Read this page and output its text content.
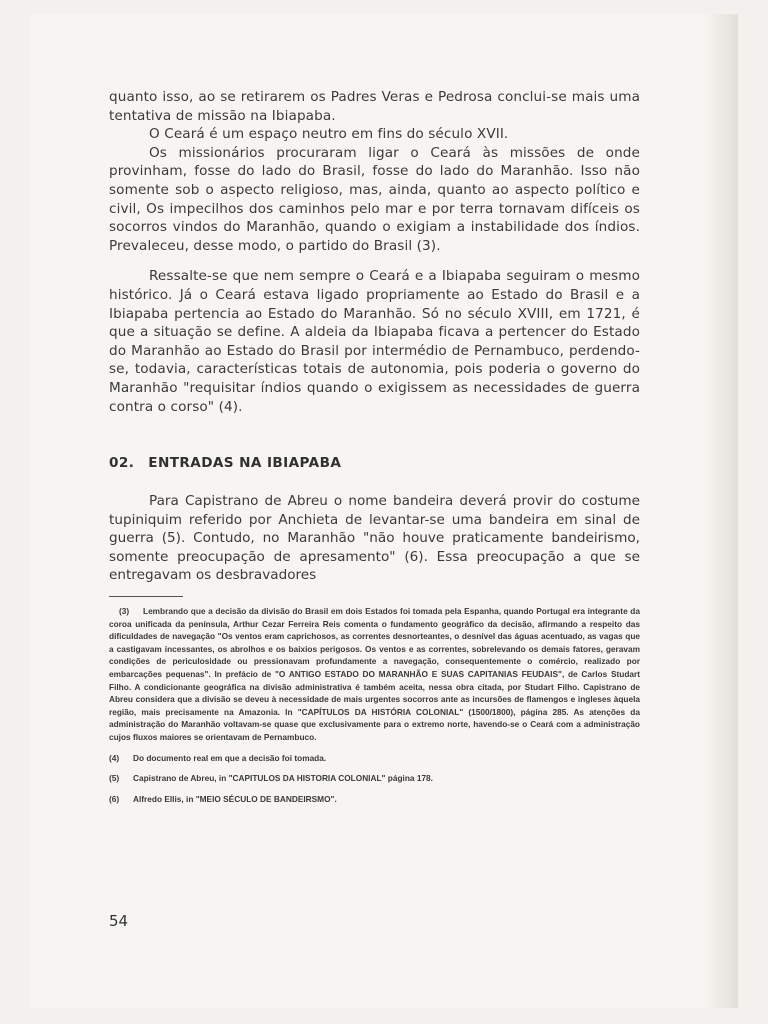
quanto isso, ao se retirarem os Padres Veras e Pedrosa conclui-se mais uma tentativa de missão na Ibiapaba.

O Ceará é um espaço neutro em fins do século XVII.

Os missionários procuraram ligar o Ceará às missões de onde provinham, fosse do lado do Brasil, fosse do lado do Maranhão. Isso não somente sob o aspecto religioso, mas, ainda, quanto ao aspecto político e civil, Os impecilhos dos caminhos pelo mar e por terra tornavam difíceis os socorros vindos do Maranhão, quando o exigiam a instabilidade dos índios. Prevaleceu, desse modo, o partido do Brasil (3).

Ressalte-se que nem sempre o Ceará e a Ibiapaba seguiram o mesmo histórico. Já o Ceará estava ligado propriamente ao Estado do Brasil e a Ibiapaba pertencia ao Estado do Maranhão. Só no século XVIII, em 1721, é que a situação se define. A aldeia da Ibiapaba ficava a pertencer do Estado do Maranhão ao Estado do Brasil por intermédio de Pernambuco, perdendo-se, todavia, características totais de autonomia, pois poderia o governo do Maranhão "requisitar índios quando o exigissem as necessidades de guerra contra o corso" (4).

02. ENTRADAS NA IBIAPABA
Para Capistrano de Abreu o nome bandeira deverá provir do costume tupiniquim referido por Anchieta de levantar-se uma bandeira em sinal de guerra (5). Contudo, no Maranhão "não houve praticamente bandeirismo, somente preocupação de apresamento" (6). Essa preocupação a que se entregavam os desbravadores

(3) Lembrando que a decisão da divisão do Brasil em dois Estados foi tomada pela Espanha, quando Portugal era integrante da coroa unificada da península, Arthur Cezar Ferreira Reis comenta o fundamento geográfico da decisão, afirmando a respeito das dificuldades de navegação "Os ventos eram caprichosos, as correntes desnorteantes, o desnível das águas acentuado, as vagas que a castigavam incessantes, os abrolhos e os baixios perigosos. Os ventos e as correntes, sobrelevando os demais fatores, geravam condições de periculosidade ou pressionavam profundamente a navegação, consequentemente o comércio, realizado por embarcações pequenas". In prefácio de "O ANTIGO ESTADO DO MARANHÃO E SUAS CAPITANIAS FEUDAIS", de Carlos Studart Filho. A condicionante geográfica na divisão administrativa é também aceita, nessa obra citada, por Studart Filho. Capistrano de Abreu considera que a divisão se deveu à necessidade de mais urgentes socorros ante as incursões de flamengos e ingleses àquela região, mais precisamente na Amazonia. In "CAPÍTULOS DA HISTÓRIA COLONIAL" (1500/1800), página 285. As atenções da administração do Maranhão voltavam-se quase que exclusivamente para o extremo norte, havendo-se o Ceará com a administração cujos fluxos maiores se orientavam de Pernambuco.

(4) Do documento real em que a decisão foi tomada.

(5) Capistrano de Abreu, in "CAPITULOS DA HISTORIA COLONIAL" página 178.

(6) Alfredo Ellis, in "MEIO SÉCULO DE BANDEIRSMO".

54
